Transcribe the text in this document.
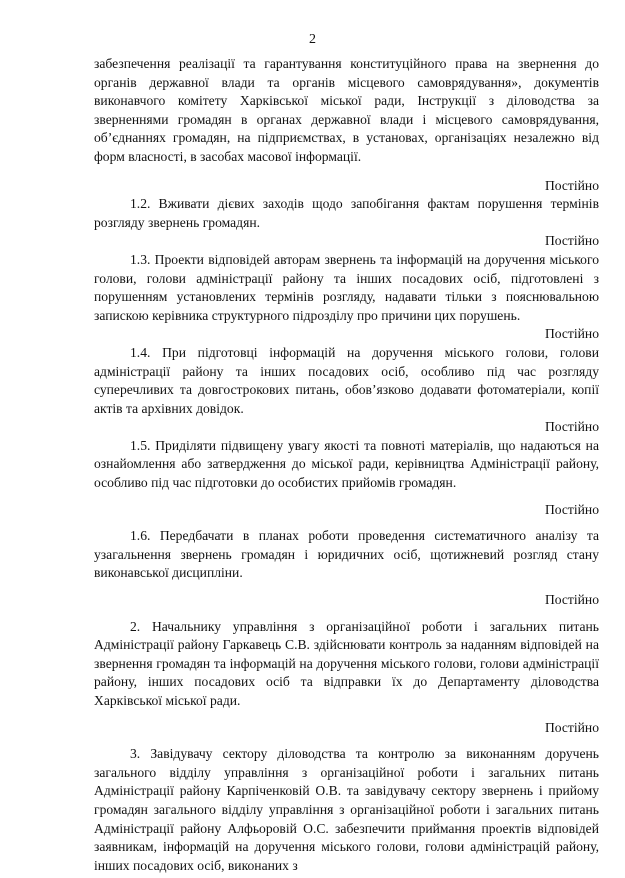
2

забезпечення реалізації та гарантування конституційного права на звернення до органів державної влади та органів місцевого самоврядування», документів виконавчого комітету Харківської міської ради, Інструкції з діловодства за зверненнями громадян в органах державної влади і місцевого самоврядування, об’єднаннях громадян, на підприємствах, в установах, організаціях незалежно від форм власності, в засобах масової інформації.

Постійно

1.2. Вживати дієвих заходів щодо запобігання фактам порушення термінів розгляду звернень громадян.

Постійно

1.3. Проекти відповідей авторам звернень та інформацій на доручення міського голови, голови адміністрації району та інших посадових осіб, підготовлені з порушенням установлених термінів розгляду, надавати тільки з пояснювальною запискою керівника структурного підрозділу про причини цих порушень.

Постійно

1.4. При підготовці інформацій на доручення міського голови, голови адміністрації району та інших посадових осіб, особливо під час розгляду суперечливих та довгострокових питань, обов’язково додавати фотоматеріали, копії актів та архівних довідок.

Постійно

1.5. Приділяти підвищену увагу якості та повноті матеріалів, що надаються на ознайомлення або затвердження до міської ради, керівництва Адміністрації району, особливо під час підготовки до особистих прийомів громадян.

Постійно

1.6. Передбачати в планах роботи проведення систематичного аналізу та узагальнення звернень громадян і юридичних осіб, щотижневий розгляд стану виконавської дисципліни.

Постійно

2. Начальнику управління з організаційної роботи і загальних питань Адміністрації району Гаркавець С.В. здійснювати контроль за наданням відповідей на звернення громадян та інформацій на доручення міського голови, голови адміністрації району, інших посадових осіб та відправки їх до Департаменту діловодства Харківської міської ради.

Постійно

3. Завідувачу сектору діловодства та контролю за виконанням доручень загального відділу управління з організаційної роботи і загальних питань Адміністрації району Карпіченковій О.В. та завідувачу сектору звернень і прийому громадян загального відділу управління з організаційної роботи і загальних питань Адміністрації району Алфьоровій О.С. забезпечити приймання проектів відповідей заявникам, інформацій на доручення міського голови, голови адміністрацій району, інших посадових осіб, виконаних з
